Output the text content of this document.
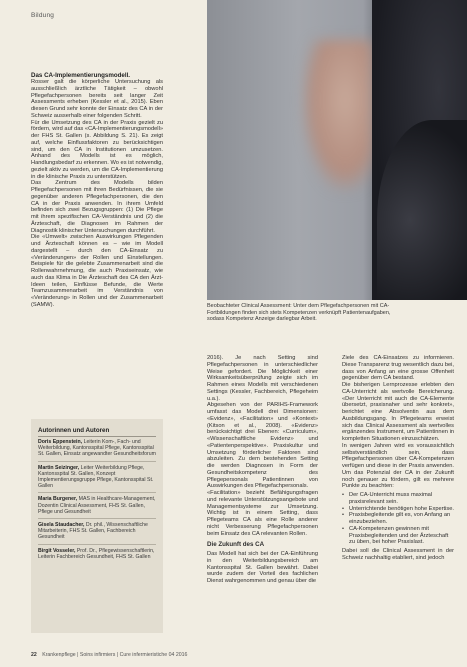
Bildung
Beobachteter Clinical Assessment: Unter dem Pflegefachpersonen mit CA-Fortbildungen finden sich stets Kompetenzen verknüpft Patientenaufgaben, sodass Kompetenz Anzeige darlegbar Arbeit.
Das CA-Implementierungsmodell.

Rosser galt die körperliche Untersuchung als ausschließlich ärztliche Tätigkeit – obwohl Pflegefachpersonen bereits seit langer Zeit Assessments erheben (Kessler et al., 2015). Eben diesen Grund sehr konnte der Einsatz des CA in der Schweiz ausserhalb einer folgenden Schritt.

Für die Umsetzung des CA in der Praxis gezielt zu fördern, wird auf das «CA-Implementierungsmodell» der FHS St. Gallen (s. Abbildung S. 21). Es zeigt auf, welche Einflussfaktoren zu berücksichtigen sind, um den CA in Institutionen umzusetzen. Anhand des Modells ist es möglich, Handlungsbedarf zu erkennen. Wo es ist notwendig, gezielt aktiv zu werden, um die CA-Implementierung in die klinische Praxis zu unterstützen.

Das Zentrum des Modells bilden Pflegefachpersonen mit ihren Bedürfnissen, die sie gegenüber anderen Pflegefachpersonen, die den CA in der Praxis anwenden. In ihrem Umfeld befinden sich zwei Bezugsgruppen: (1) Die Pflege mit ihrem spezifischen CA-Verständnis und (2) die Ärzteschaft, die Diagnosen im Rahmen der Diagnostik klinischer Untersuchungen durchführt.

Die «Umwelt» zwischen Auswirkungen Pflegenden und Ärzteschaft können es – wie im Modell dargestellt – durch den CA-Einsatz zu «Veränderungen» der Rollen und Einstellungen. Beispiele für die gelebte Zusammenarbeit sind die Rollenwahrnehmung, die auch Praxiseinsatz, wie auch das Klima in Die Ärzteschaft des CA den Ärzt-Ideen teilen, Einflüsse Befunde, die Werte Teamzusammenarbeit im Verständnis von «Veränderung» in Rollen und der Zusammenarbeit (SAMW).

Autorinnen und Autoren
Doris Eppenstein, Leiterin Kom-, Fach- und Weiterbildung, Kantonsspital Pflege, Kantonsspital St. Gallen, Einsatz angewandter Gesundheitsforum
Martin Seizinger, Leiter Weiterbildung Pflege, Kantonsspital St. Gallen, Konzept Implementierungsgruppe Pflege, Kantonsspital St. Gallen
Maria Burgener, MAS in Healthcare-Management, Dozentin Clinical Assessment, FHS St. Gallen, Pflege und Gesundheit
Gisela Staudacher, Dr. phil., Wissenschaftliche Mitarbeiterin, FHS St. Gallen, Fachbereich Gesundheit
Birgit Vosseler, Prof. Dr., Pflegewissenschaftlerin, Leiterin Fachbereich Gesundheit, FHS St. Gallen

2016). Je nach Setting sind Pflegefachpersonen in unterschiedlicher Weise gefordert. Die Möglichkeit einer Wirksamkeitsüberprüfung zeigte sich im Rahmen eines Modells mit verschiedenen Settings (Kessler, Fachbereich, Pflegeheim u.a.).

Abgesehen von der PARIHS-Framework umfasst das Modell drei Dimensionen: «Evidenz», «Facilitation» und «Kontext» (Kitson et al., 2008). «Evidenz» berücksichtigt drei Ebenen: «Curriculum», «Wissenschaftliche Evidenz» und «Patientenperspektive». Praxiskultur und Umsetzung förderlicher Faktoren sind abzuleiten. Zu dem bestehenden Setting die werden Diagnosen in Form der Gesundheitskompetenz des Pflegepersonals Patientinnen von Auswirkungen des Pflegefachpersonals.

«Facilitation» bezieht Befähigungsfragen und relevante Unterstützungsangebote und Managementsysteme zur Umsetzung. Wichtig ist in einem Setting, dass Pflegeteams CA als eine Rolle anderer nicht Verbesserung Pflegefachpersonen beim Einsatz des CA relevanten Rollen.

Die Zukunft des CA

Das Modell hat sich bei der CA-Einführung in den Weiterbildungsbereich am Kantonsspital St. Gallen bewährt. Dabei wurde zudem der Vorteil des fachlichen Dienst wahrgenommen und genau über die

Ziele des CA-Einsatzes zu informieren. Diese Transparenz trug wesentlich dazu bei, dass von Anfang an eine grosse Offenheit gegenüber dem CA bestand.

Die bisherigen Lernprozesse erlebten den CA-Unterricht als wertvolle Bereicherung. «Der Unterricht mit auch die CA-Elemente übersetzt, praxisnaher und sehr konkret», berichtet eine Absolventin aus dem Ausbildungsgang. In Pflegeteams erweist sich das Clinical Assessment als wertvolles ergänzendes Instrument, um Patientinnen in kompletten Situationen einzuschätzen.

In wenigen Jahren wird es voraussichtlich selbstverständlich sein, dass Pflegefachpersonen über CA-Kompetenzen verfügen und diese in der Praxis anwenden. Um das Potenzial der CA in der Zukunft noch genauer zu fördern, gilt es mehrere Punkte zu beachten:

• Der CA-Unterricht muss maximal praxisrelevant sein.
• Unterrichtende benötigen hohe Expertise.
• Praxisbegleitende gilt es, von Anfang an einzubeziehen.
• CA-Kompetenzen gewinnen mit Praxisbegleitenden und der Ärzteschaft zu üben, bei hoher Praxislast.

Dabei soll die Clinical Assessment in der Schweiz nachhaltig etabliert, sind jedoch

22 Krankenpflege | Soins infirmiers | Cure infermieristiche 04 2016
